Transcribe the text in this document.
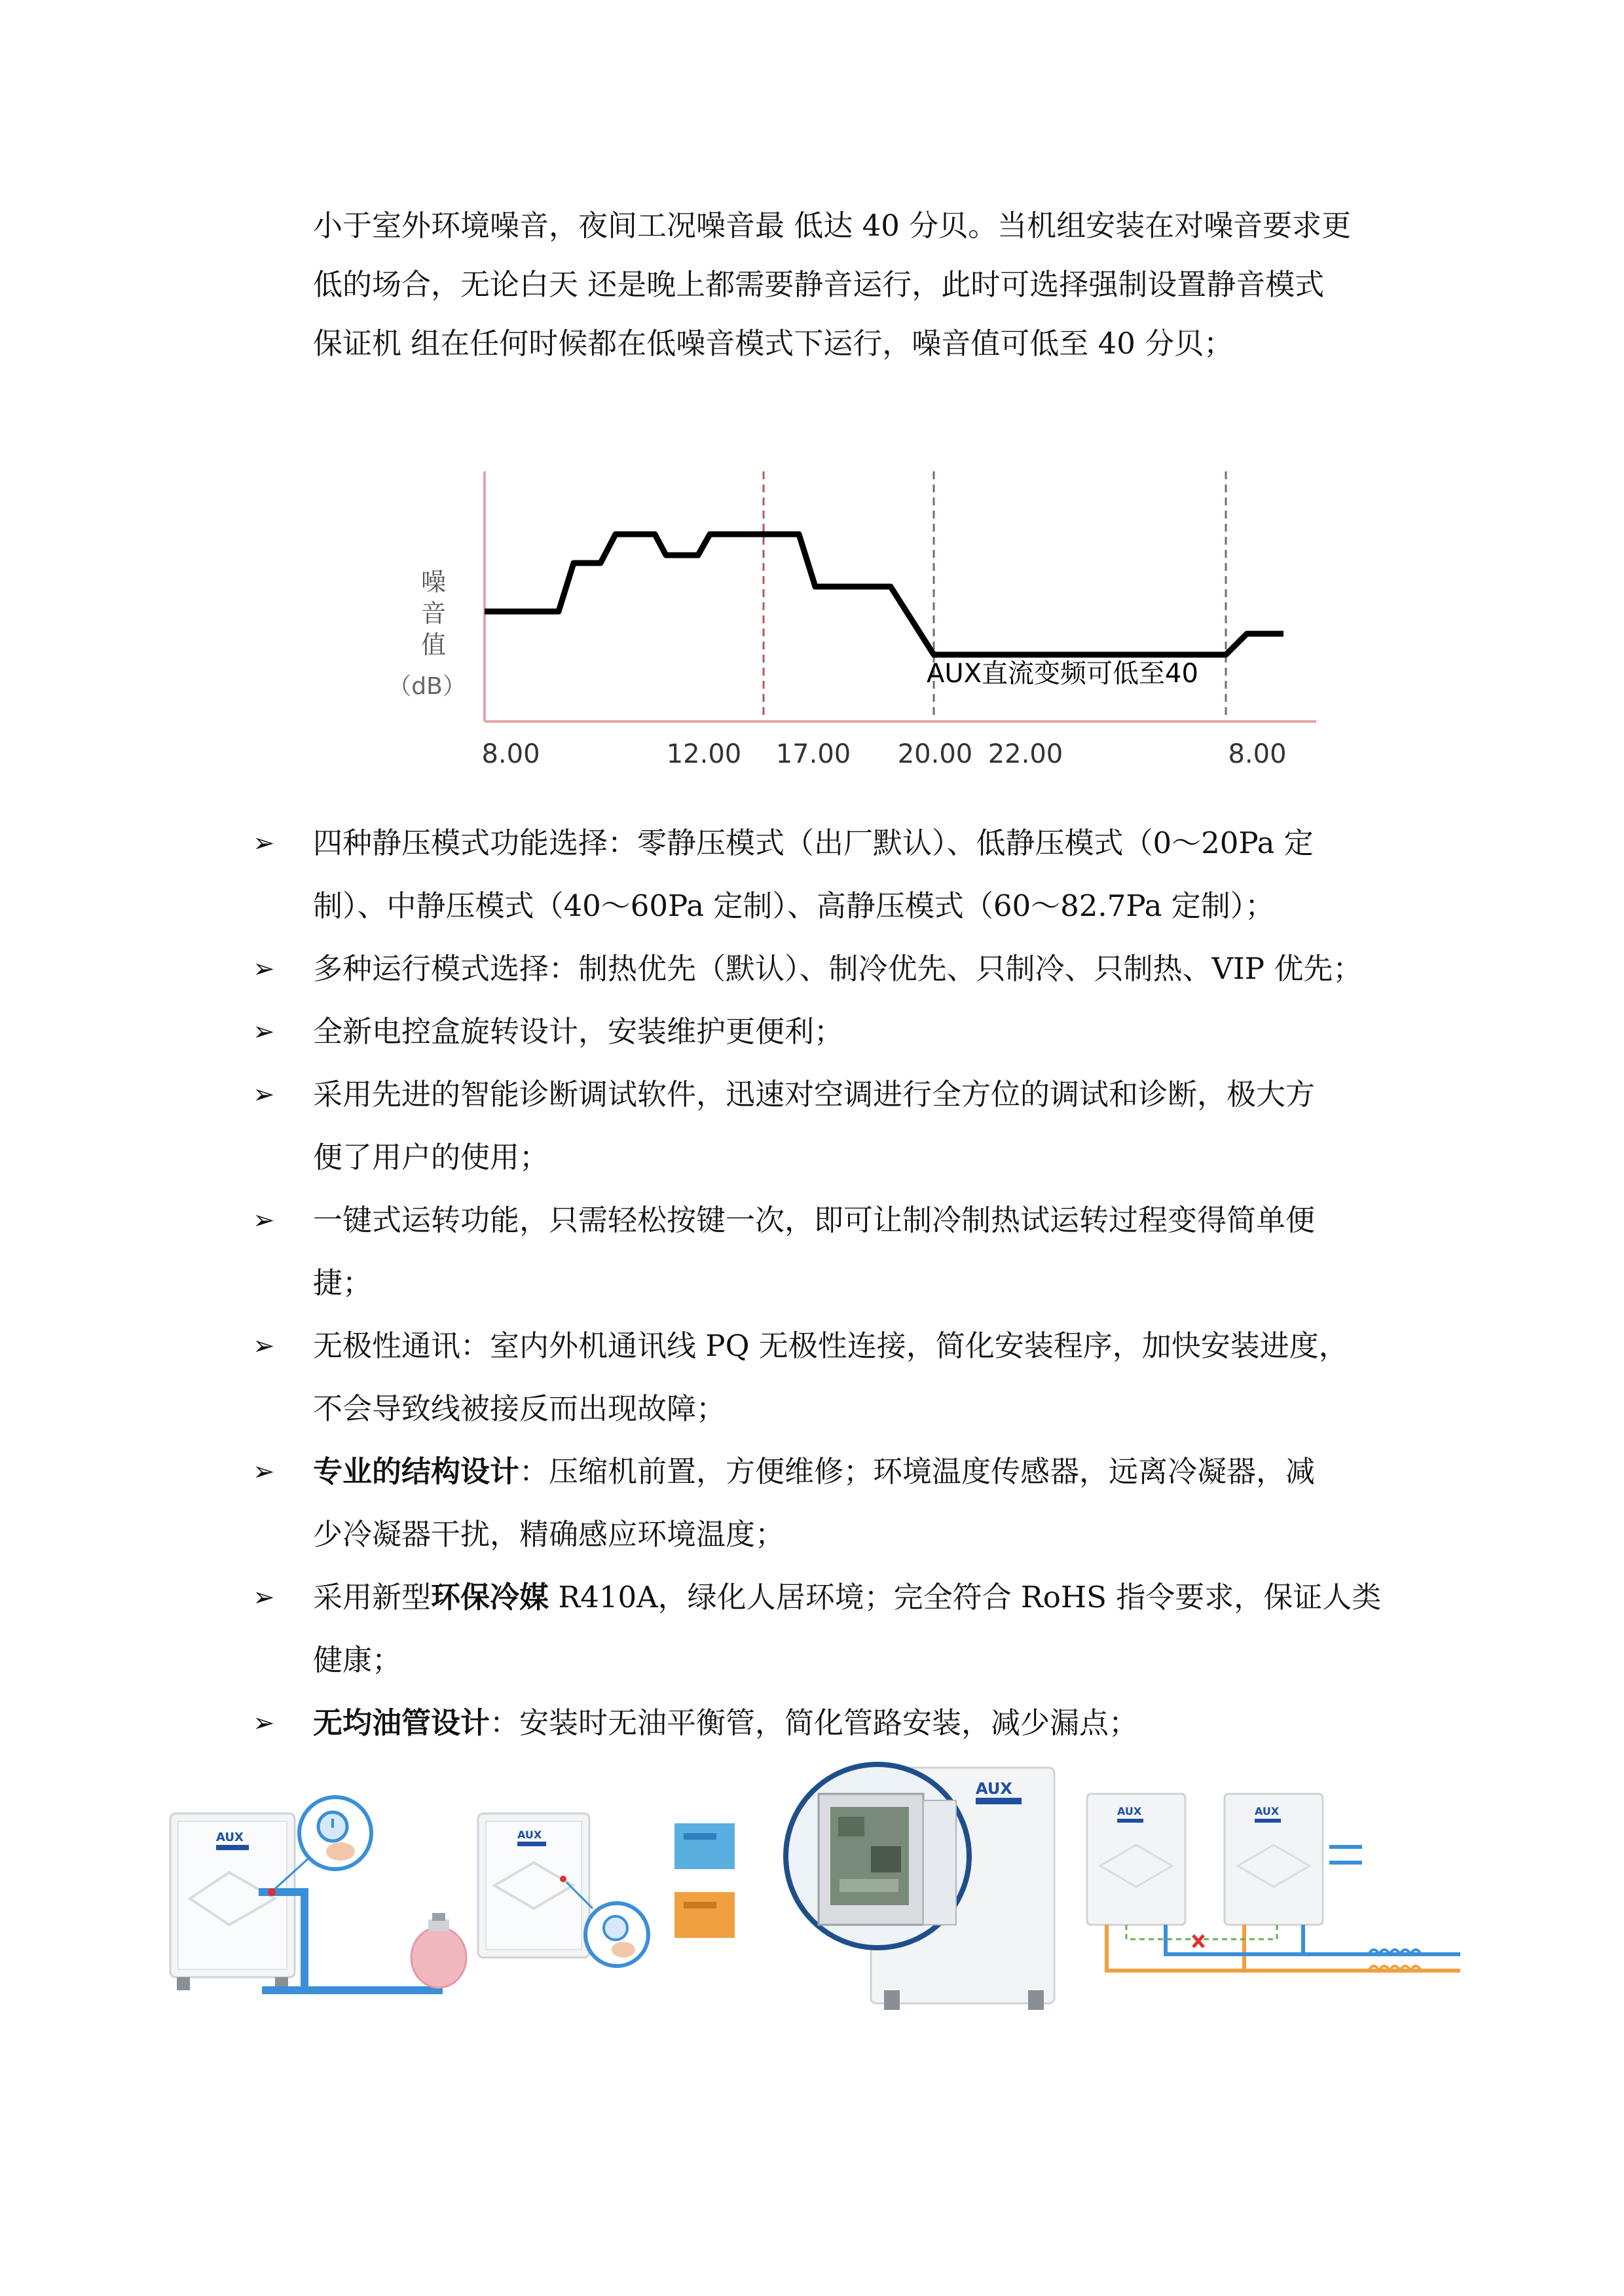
小于室外环境噪音，夜间工况噪音最 低达 40 分贝。当机组安装在对噪音要求更
低的场合，无论白天 还是晚上都需要静音运行，此时可选择强制设置静音模式
保证机 组在任何时候都在低噪音模式下运行，噪音值可低至 40 分贝；
噪
音
值
（dB）	AUX直流变频可低至40
8.00	12.00 17.00 20.00 22.00	8.00
➢ 四种静压模式功能选择：零静压模式（出厂默认）、低静压模式（0～20Pa 定
制）、中静压模式（40～60Pa 定制）、高静压模式（60～82.7Pa 定制）；
➢ 多种运行模式选择：制热优先（默认）、制冷优先、只制冷、只制热、VIP 优先；
➢ 全新电控盒旋转设计，安装维护更便利；
➢ 采用先进的智能诊断调试软件，迅速对空调进行全方位的调试和诊断，极大方
便了用户的使用；
➢ 一键式运转功能，只需轻松按键一次，即可让制冷制热试运转过程变得简单便
捷；
➢ 无极性通讯：室内外机通讯线 PQ 无极性连接，简化安装程序，加快安装进度，
不会导致线被接反而出现故障；
➢ 专业的结构设计：压缩机前置，方便维修；环境温度传感器，远离冷凝器，减
少冷凝器干扰，精确感应环境温度；
➢ 采用新型环保冷媒 R410A，绿化人居环境；完全符合 RoHS 指令要求，保证人类
健康；
➢ 无均油管设计：安装时无油平衡管，简化管路安装，减少漏点；
AUX	AUX
AUX
AUX	AUX
